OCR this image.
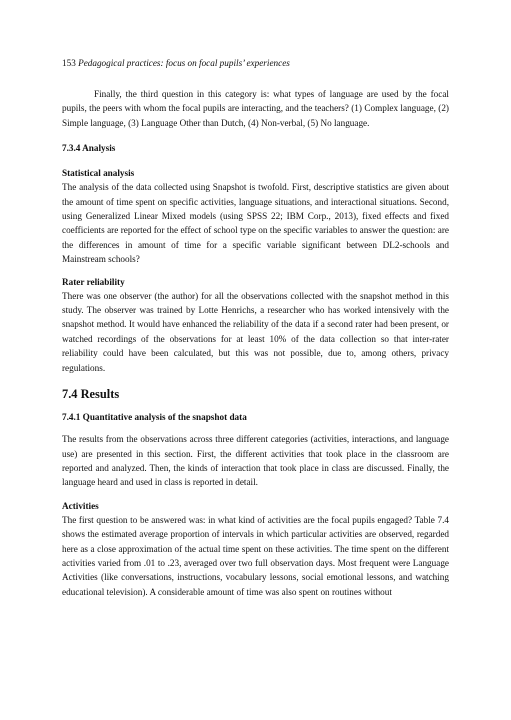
153 Pedagogical practices: focus on focal pupils’ experiences

Finally, the third question in this category is: what types of language are used by the focal pupils, the peers with whom the focal pupils are interacting, and the teachers? (1) Complex language, (2) Simple language, (3) Language Other than Dutch, (4) Non-verbal, (5) No language.

7.3.4 Analysis
Statistical analysis

The analysis of the data collected using Snapshot is twofold. First, descriptive statistics are given about the amount of time spent on specific activities, language situations, and interactional situations. Second, using Generalized Linear Mixed models (using SPSS 22; IBM Corp., 2013), fixed effects and fixed coefficients are reported for the effect of school type on the specific variables to answer the question: are the differences in amount of time for a specific variable significant between DL2-schools and Mainstream schools?

Rater reliability

There was one observer (the author) for all the observations collected with the snapshot method in this study. The observer was trained by Lotte Henrichs, a researcher who has worked intensively with the snapshot method. It would have enhanced the reliability of the data if a second rater had been present, or watched recordings of the observations for at least 10% of the data collection so that inter-rater reliability could have been calculated, but this was not possible, due to, among others, privacy regulations.

7.4 Results
7.4.1 Quantitative analysis of the snapshot data

The results from the observations across three different categories (activities, interactions, and language use) are presented in this section. First, the different activities that took place in the classroom are reported and analyzed. Then, the kinds of interaction that took place in class are discussed. Finally, the language heard and used in class is reported in detail.

Activities

The first question to be answered was: in what kind of activities are the focal pupils engaged? Table 7.4 shows the estimated average proportion of intervals in which particular activities are observed, regarded here as a close approximation of the actual time spent on these activities. The time spent on the different activities varied from .01 to .23, averaged over two full observation days. Most frequent were Language Activities (like conversations, instructions, vocabulary lessons, social emotional lessons, and watching educational television). A considerable amount of time was also spent on routines without
